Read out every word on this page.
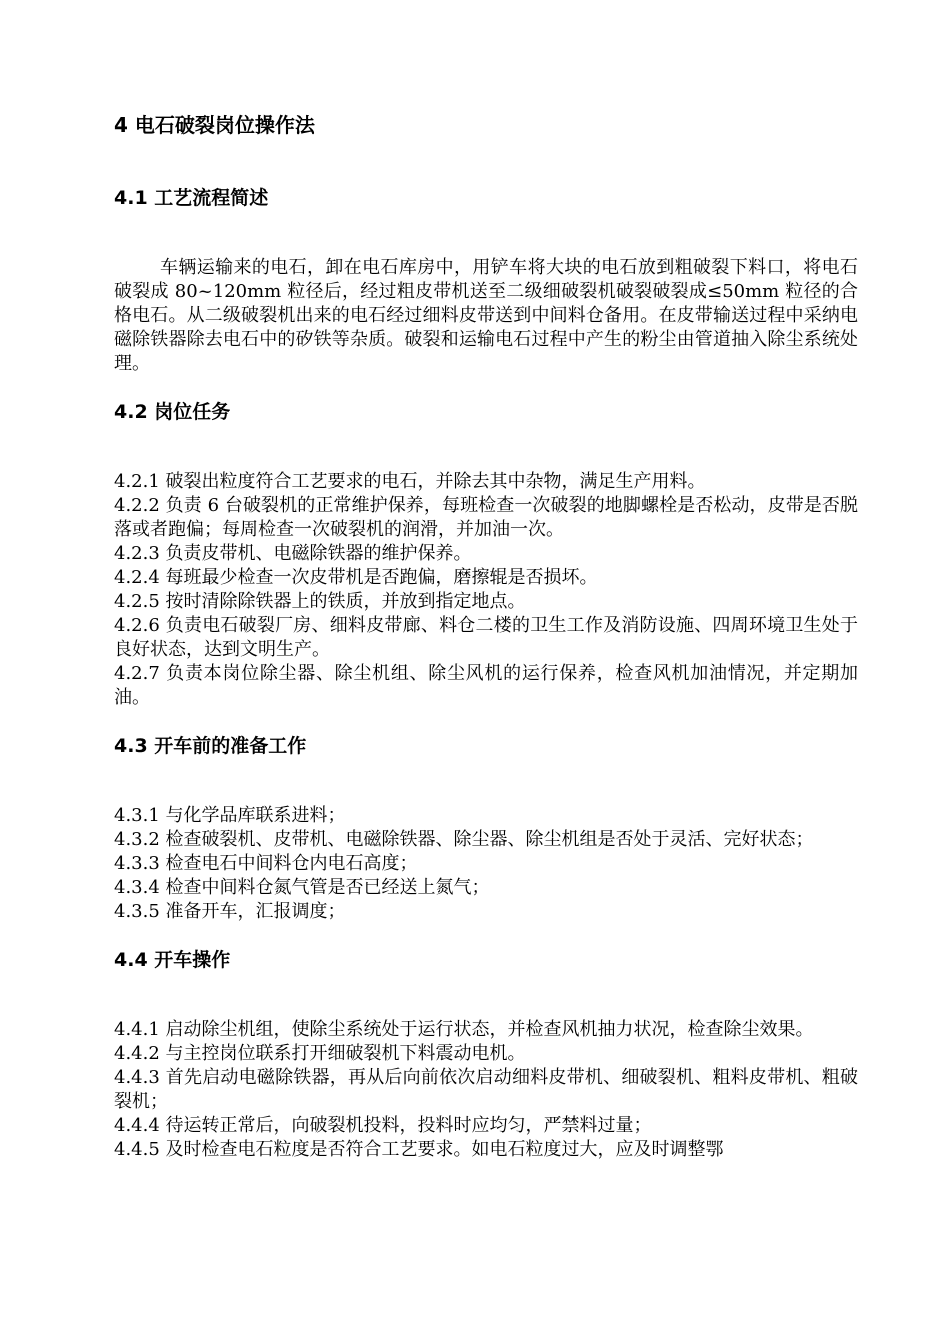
4 电石破裂岗位操作法
4.1 工艺流程简述

车辆运输来的电石，卸在电石库房中，用铲车将大块的电石放到粗破裂下料口，将电石破裂成 80~120mm 粒径后，经过粗皮带机送至二级细破裂机破裂破裂成≤50mm 粒径的合格电石。从二级破裂机出来的电石经过细料皮带送到中间料仓备用。在皮带输送过程中采纳电磁除铁器除去电石中的矽铁等杂质。破裂和运输电石过程中产生的粉尘由管道抽入除尘系统处理。

4.2 岗位任务
4.2.1 破裂出粒度符合工艺要求的电石，并除去其中杂物，满足生产用料。
4.2.2 负责 6 台破裂机的正常维护保养，每班检查一次破裂的地脚螺栓是否松动，皮带是否脱落或者跑偏；每周检查一次破裂机的润滑，并加油一次。
4.2.3 负责皮带机、电磁除铁器的维护保养。
4.2.4 每班最少检查一次皮带机是否跑偏，磨擦辊是否损坏。
4.2.5 按时清除除铁器上的铁质，并放到指定地点。
4.2.6 负责电石破裂厂房、细料皮带廊、料仓二楼的卫生工作及消防设施、四周环境卫生处于良好状态，达到文明生产。
4.2.7 负责本岗位除尘器、除尘机组、除尘风机的运行保养，检查风机加油情况，并定期加油。
4.3 开车前的准备工作
4.3.1 与化学品库联系进料；
4.3.2 检查破裂机、皮带机、电磁除铁器、除尘器、除尘机组是否处于灵活、完好状态；
4.3.3 检查电石中间料仓内电石高度；
4.3.4 检查中间料仓氮气管是否已经送上氮气；
4.3.5 准备开车，汇报调度；
4.4 开车操作
4.4.1 启动除尘机组，使除尘系统处于运行状态，并检查风机抽力状况，检查除尘效果。
4.4.2 与主控岗位联系打开细破裂机下料震动电机。
4.4.3 首先启动电磁除铁器，再从后向前依次启动细料皮带机、细破裂机、粗料皮带机、粗破裂机；
4.4.4 待运转正常后，向破裂机投料，投料时应均匀，严禁料过量；
4.4.5 及时检查电石粒度是否符合工艺要求。如电石粒度过大，应及时调整鄂
